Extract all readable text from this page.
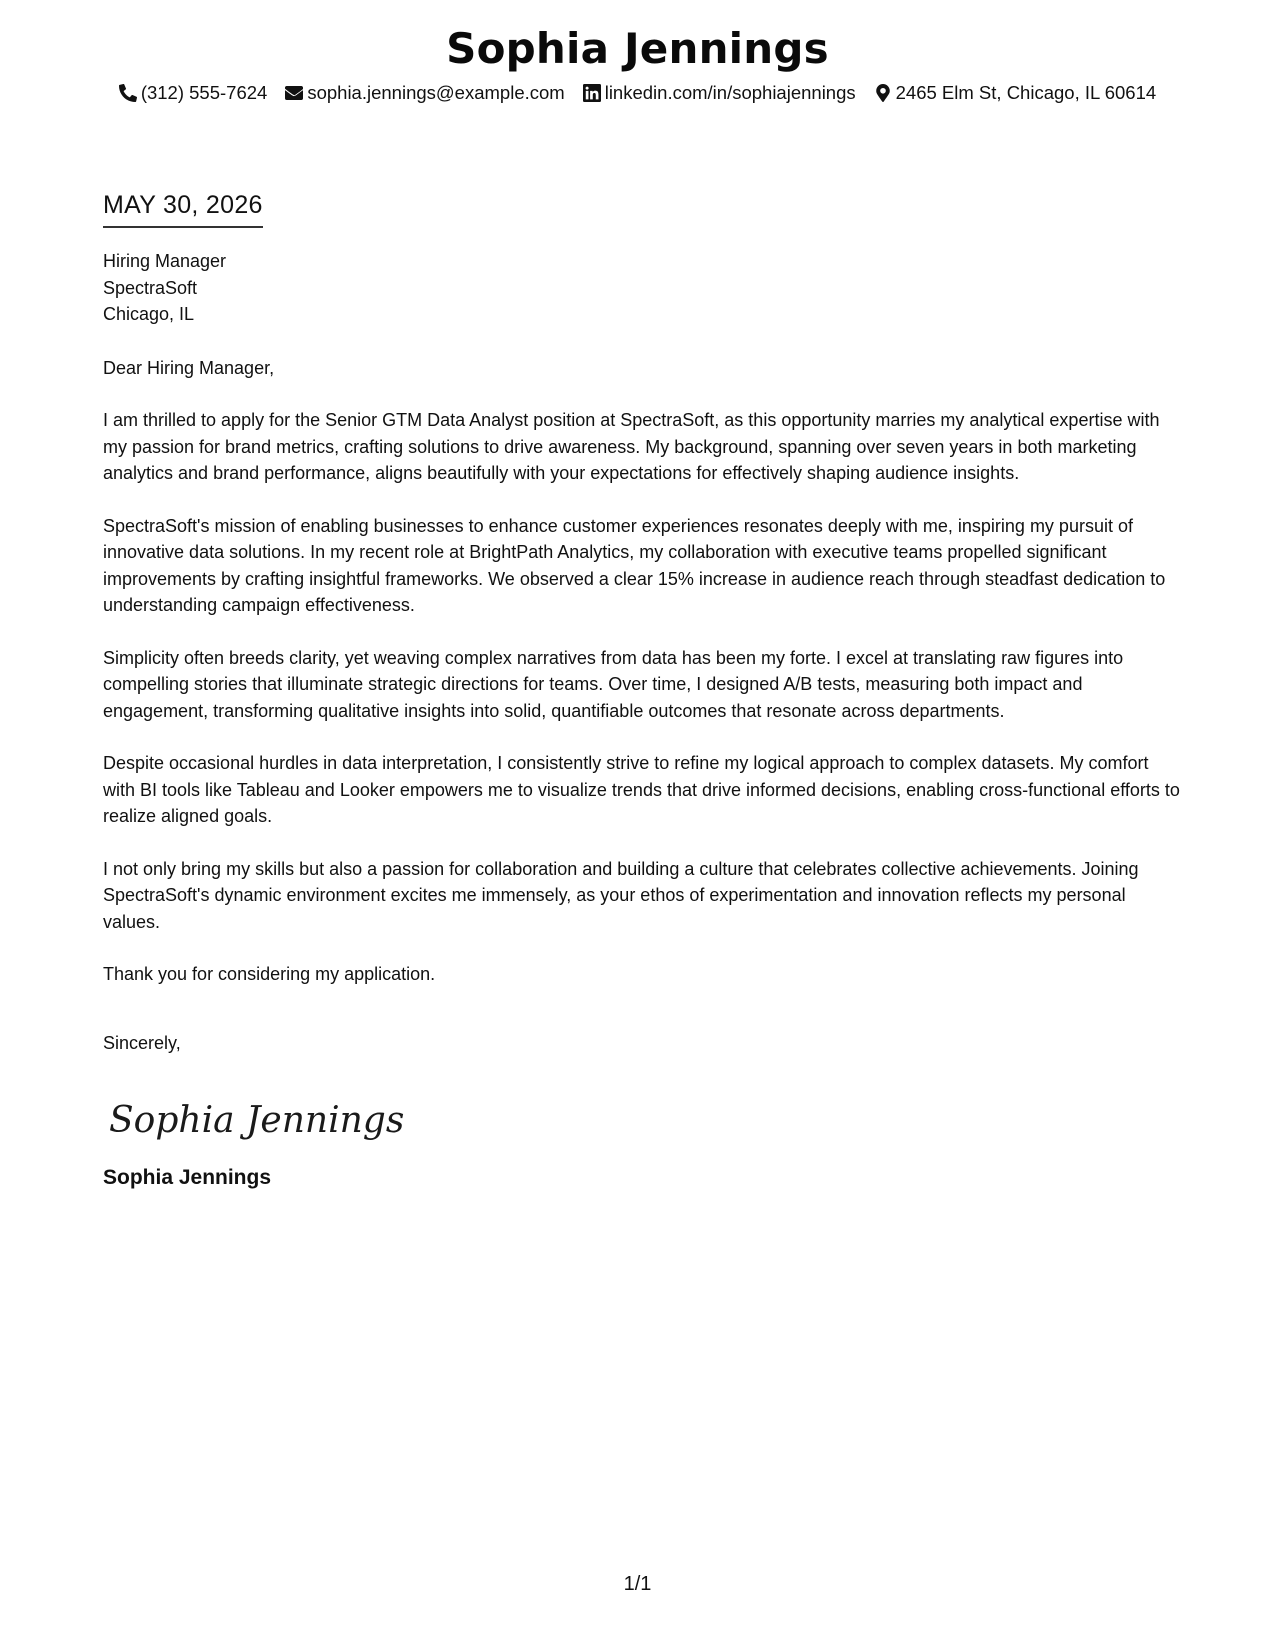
Sophia Jennings
(312) 555-7624 sophia.jennings@example.com linkedin.com/in/sophiajennings 2465 Elm St, Chicago, IL 60614
MAY 30, 2026
Hiring Manager
SpectraSoft
Chicago, IL
Dear Hiring Manager,
I am thrilled to apply for the Senior GTM Data Analyst position at SpectraSoft, as this opportunity marries my analytical expertise with my passion for brand metrics, crafting solutions to drive awareness. My background, spanning over seven years in both marketing analytics and brand performance, aligns beautifully with your expectations for effectively shaping audience insights.
SpectraSoft's mission of enabling businesses to enhance customer experiences resonates deeply with me, inspiring my pursuit of innovative data solutions. In my recent role at BrightPath Analytics, my collaboration with executive teams propelled significant improvements by crafting insightful frameworks. We observed a clear 15% increase in audience reach through steadfast dedication to understanding campaign effectiveness.
Simplicity often breeds clarity, yet weaving complex narratives from data has been my forte. I excel at translating raw figures into compelling stories that illuminate strategic directions for teams. Over time, I designed A/B tests, measuring both impact and engagement, transforming qualitative insights into solid, quantifiable outcomes that resonate across departments.
Despite occasional hurdles in data interpretation, I consistently strive to refine my logical approach to complex datasets. My comfort with BI tools like Tableau and Looker empowers me to visualize trends that drive informed decisions, enabling cross-functional efforts to realize aligned goals.
I not only bring my skills but also a passion for collaboration and building a culture that celebrates collective achievements. Joining SpectraSoft's dynamic environment excites me immensely, as your ethos of experimentation and innovation reflects my personal values.
Thank you for considering my application.
Sincerely,
Sophia Jennings
Sophia Jennings
1/1
